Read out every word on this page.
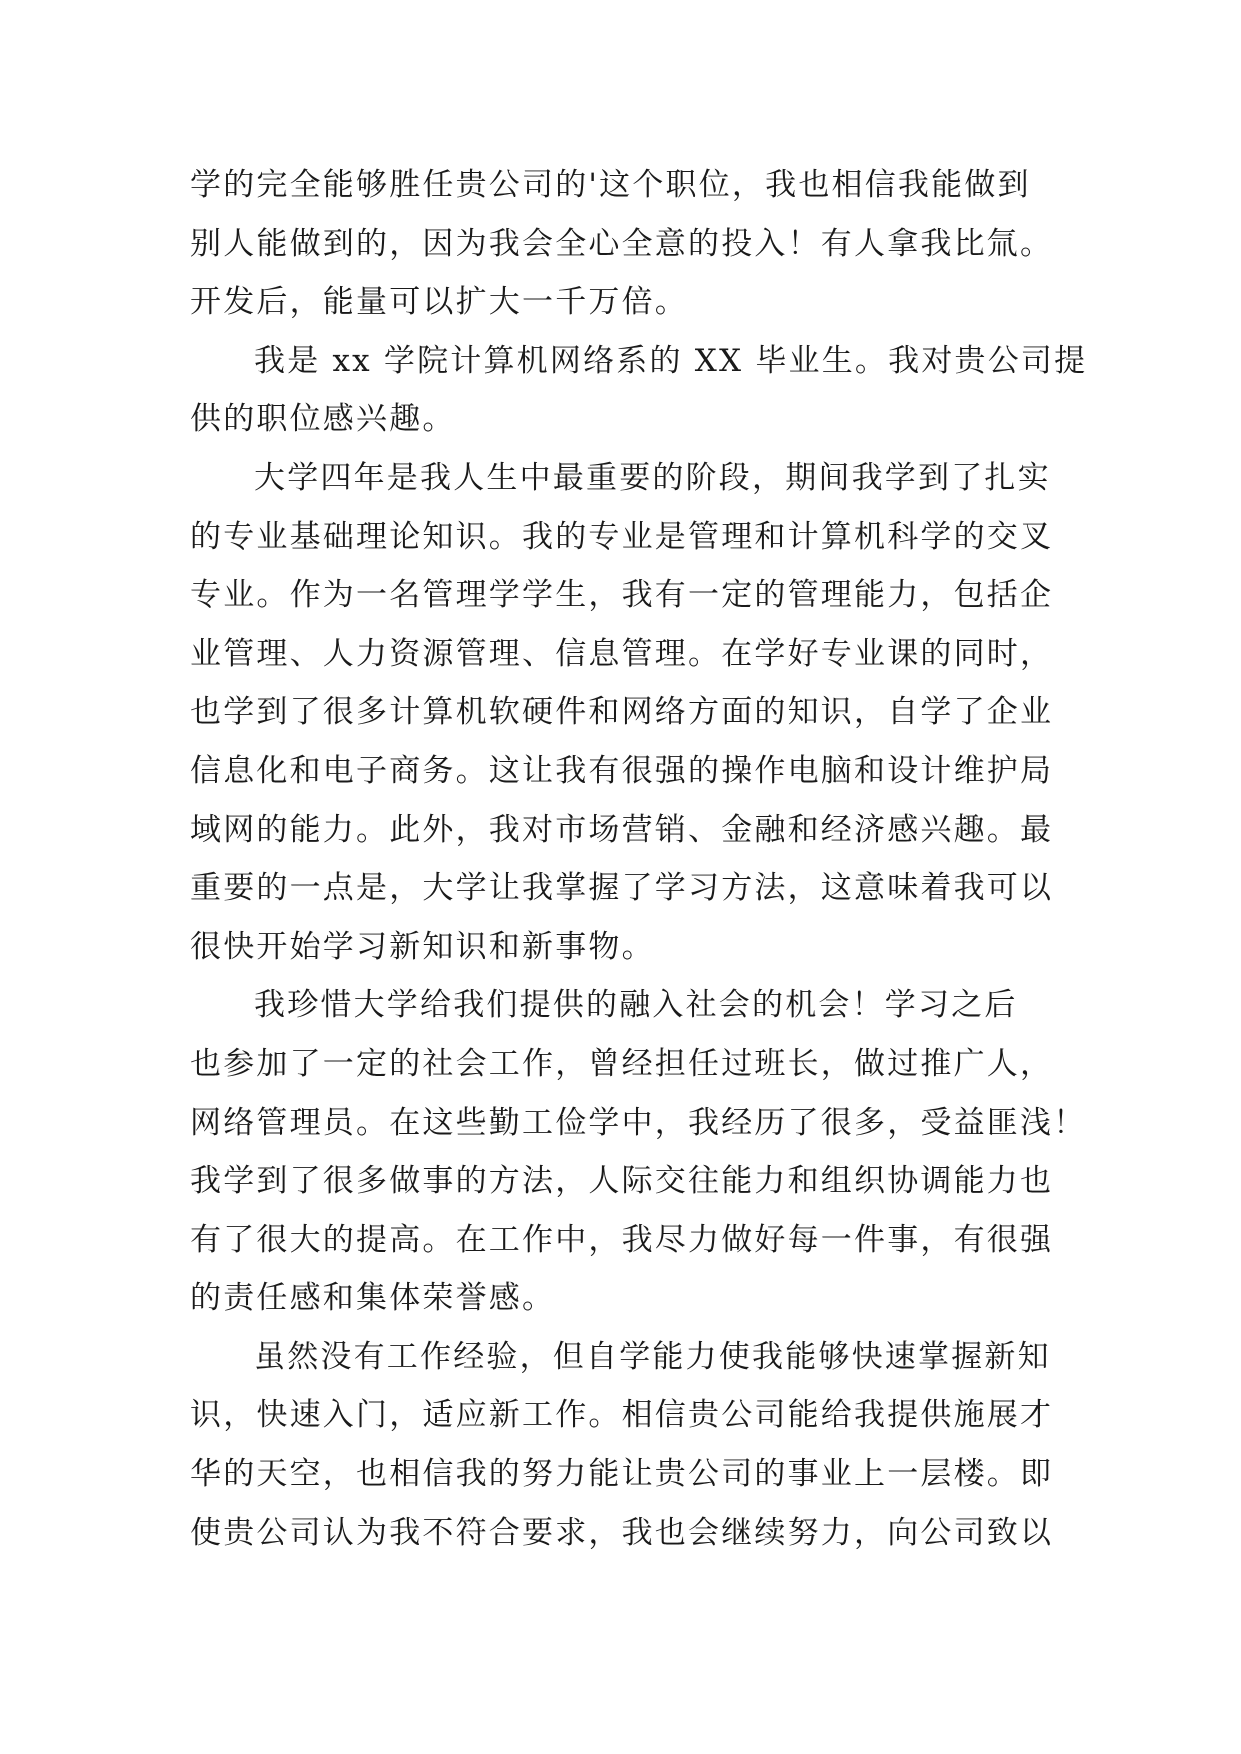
学的完全能够胜任贵公司的'这个职位，我也相信我能做到
别人能做到的，因为我会全心全意的投入！有人拿我比氚。
开发后，能量可以扩大一千万倍。
我是 xx 学院计算机网络系的 XX 毕业生。我对贵公司提
供的职位感兴趣。
大学四年是我人生中最重要的阶段，期间我学到了扎实
的专业基础理论知识。我的专业是管理和计算机科学的交叉
专业。作为一名管理学学生，我有一定的管理能力，包括企
业管理、人力资源管理、信息管理。在学好专业课的同时，
也学到了很多计算机软硬件和网络方面的知识，自学了企业
信息化和电子商务。这让我有很强的操作电脑和设计维护局
域网的能力。此外，我对市场营销、金融和经济感兴趣。最
重要的一点是，大学让我掌握了学习方法，这意味着我可以
很快开始学习新知识和新事物。
我珍惜大学给我们提供的融入社会的机会！学习之后
也参加了一定的社会工作，曾经担任过班长，做过推广人，
网络管理员。在这些勤工俭学中，我经历了很多，受益匪浅！
我学到了很多做事的方法，人际交往能力和组织协调能力也
有了很大的提高。在工作中，我尽力做好每一件事，有很强
的责任感和集体荣誉感。
虽然没有工作经验，但自学能力使我能够快速掌握新知
识，快速入门，适应新工作。相信贵公司能给我提供施展才
华的天空，也相信我的努力能让贵公司的事业上一层楼。即
使贵公司认为我不符合要求，我也会继续努力，向公司致以
